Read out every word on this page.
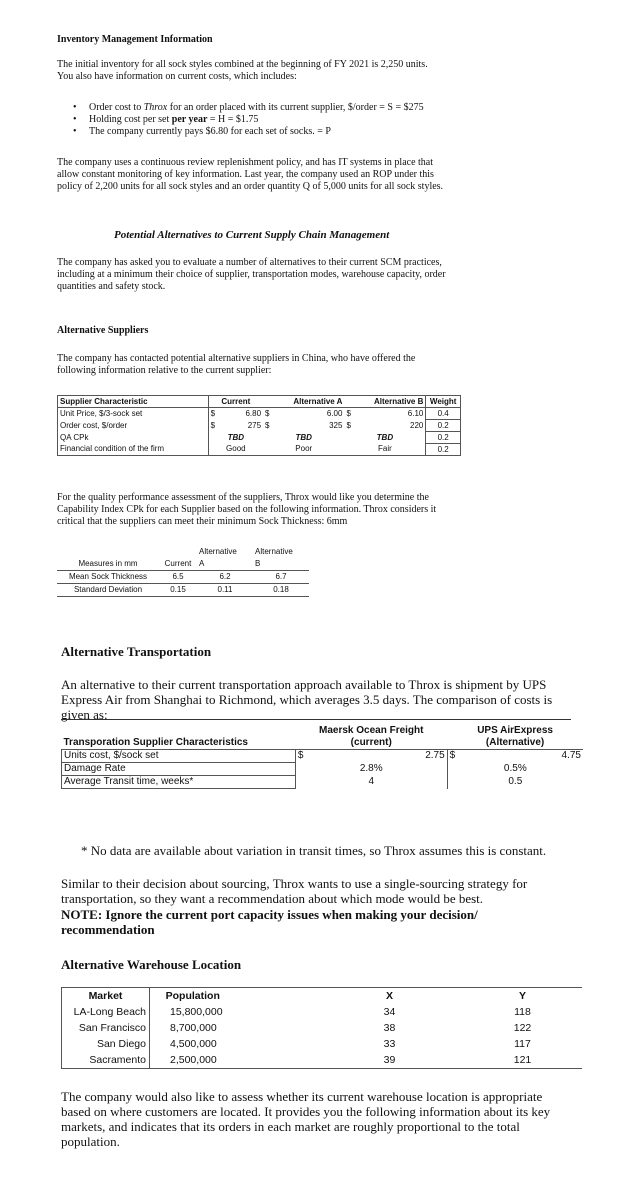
Inventory Management Information
The initial inventory for all sock styles combined at the beginning of FY 2021 is 2,250 units.
You also have information on current costs, which includes:
• Order cost to Throx for an order placed with its current supplier, $/order = S = $275
• Holding cost per set per year = H = $1.75
• The company currently pays $6.80 for each set of socks. = P
The company uses a continuous review replenishment policy, and has IT systems in place that
allow constant monitoring of key information. Last year, the company used an ROP under this
policy of 2,200 units for all sock styles and an order quantity Q of 5,000 units for all sock styles.
Potential Alternatives to Current Supply Chain Management
The company has asked you to evaluate a number of alternatives to their current SCM practices,
including at a minimum their choice of supplier, transportation modes, warehouse capacity, order
quantities and safety stock.
Alternative Suppliers
The company has contacted potential alternative suppliers in China, who have offered the
following information relative to the current supplier:
Supplier Characteristic	Current		Alternative A		Alternative B		Weight
Unit Price, $/3-sock set	$	6.80	$	6.00	$	6.10	0.4
Order cost, $/order	$	275	$	325	$	220	0.2
QA CPk	TBD		TBD		TBD		0.2
Financial condition of the firm	Good		Poor		Fair		0.2
For the quality performance assessment of the suppliers, Throx would like you determine the
Capability Index CPk for each Supplier based on the following information. Throx considers it
critical that the suppliers can meet their minimum Sock Thickness: 6mm
		Alternative	Alternative
Measures in mm	Current	A	B
Mean Sock Thickness	6.5	6.2	6.7
Standard Deviation	0.15	0.11	0.18
Alternative Transportation
An alternative to their current transportation approach available to Throx is shipment by UPS
Express Air from Shanghai to Richmond, which averages 3.5 days. The comparison of costs is
given as:
Transporation Supplier Characteristics	Maersk Ocean Freight		UPS AirExpress	
	(current)		(Alternative)	
Units cost, $/sock set	$	2.75	$	4.75
Damage Rate	2.8%		0.5%	
Average Transit time, weeks*	4		0.5	
* No data are available about variation in transit times, so Throx assumes this is constant.
Similar to their decision about sourcing, Throx wants to use a single-sourcing strategy for
transportation, so they want a recommendation about which mode would be best.
NOTE: Ignore the current port capacity issues when making your decision/
recommendation
Alternative Warehouse Location
Market	Population		X		Y	
LA-Long Beach	15,800,000		34		118	
San Francisco	8,700,000		38		122	
San Diego	4,500,000		33		117	
Sacramento	2,500,000		39		121	
The company would also like to assess whether its current warehouse location is appropriate
based on where customers are located. It provides you the following information about its key
markets, and indicates that its orders in each market are roughly proportional to the total
population.
